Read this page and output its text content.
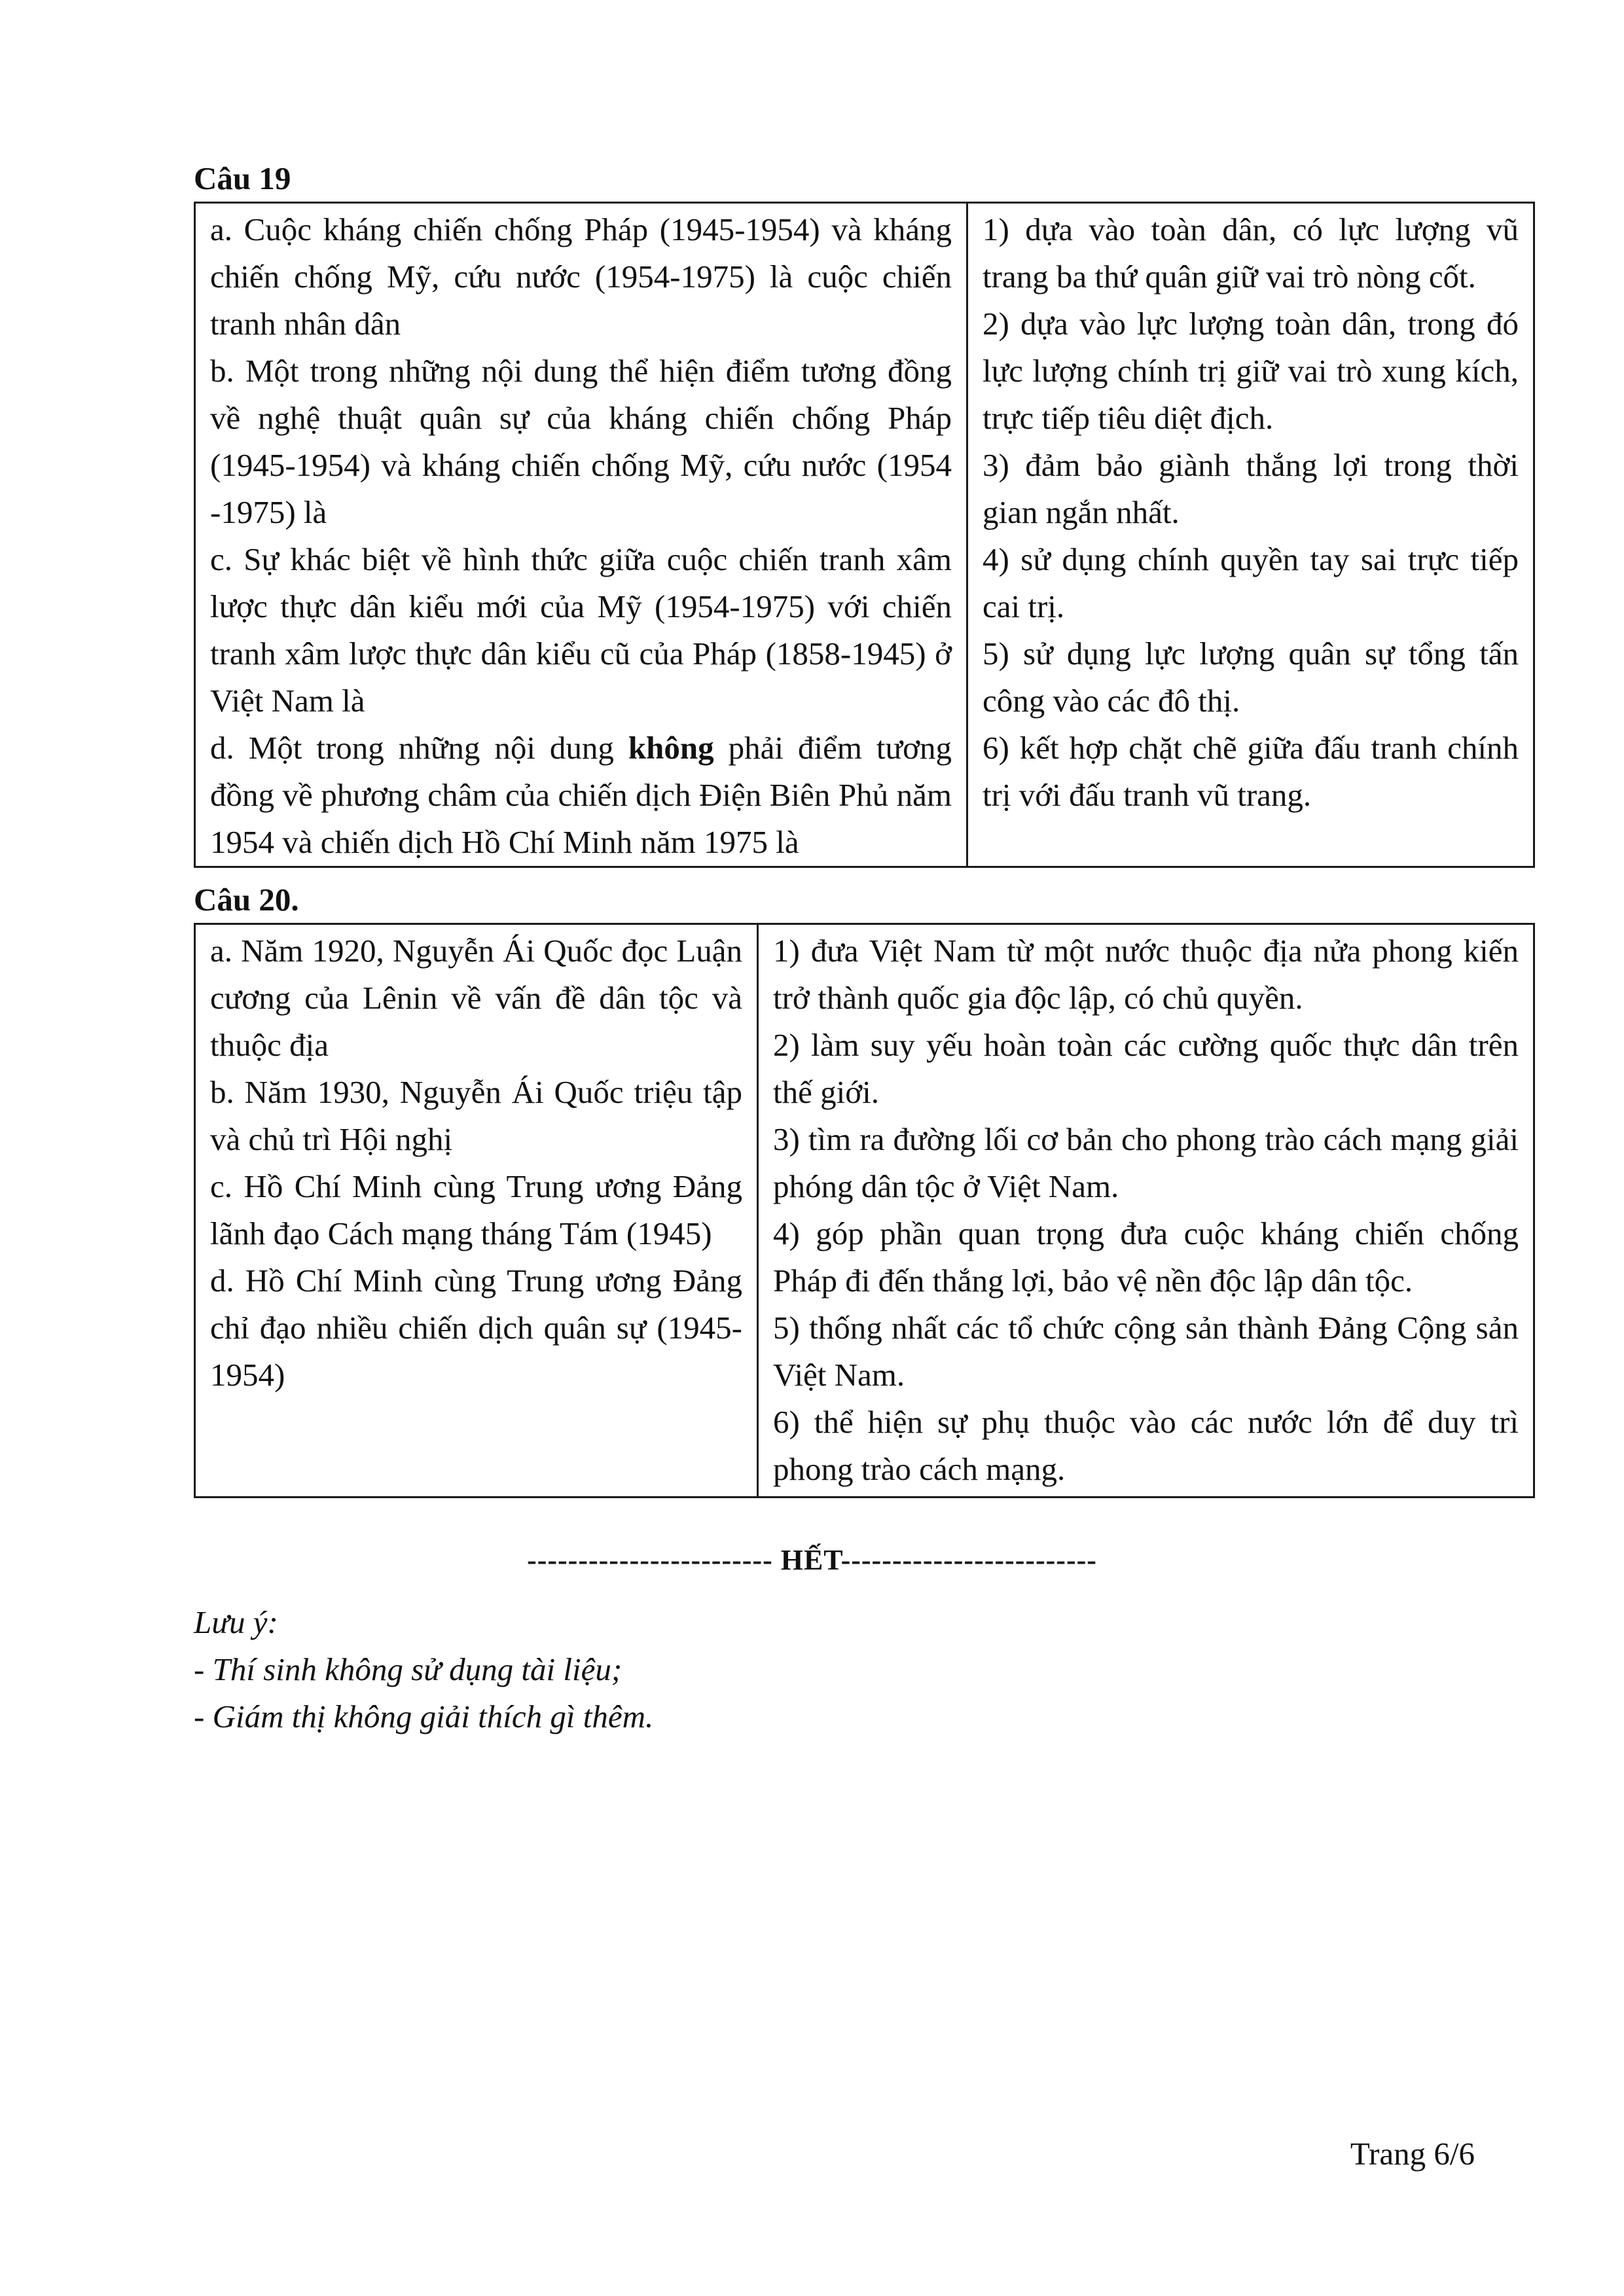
Câu 19
a. Cuộc kháng chiến chống Pháp (1945-1954) và kháng chiến chống Mỹ, cứu nước (1954-1975) là cuộc chiến tranh nhân dân
b. Một trong những nội dung thể hiện điểm tương đồng về nghệ thuật quân sự của kháng chiến chống Pháp (1945-1954) và kháng chiến chống Mỹ, cứu nước (1954 -1975) là
c. Sự khác biệt về hình thức giữa cuộc chiến tranh xâm lược thực dân kiểu mới của Mỹ (1954-1975) với chiến tranh xâm lược thực dân kiểu cũ của Pháp (1858-1945) ở Việt Nam là
d. Một trong những nội dung không phải điểm tương đồng về phương châm của chiến dịch Điện Biên Phủ năm 1954 và chiến dịch Hồ Chí Minh năm 1975 là

1) dựa vào toàn dân, có lực lượng vũ trang ba thứ quân giữ vai trò nòng cốt.
2) dựa vào lực lượng toàn dân, trong đó lực lượng chính trị giữ vai trò xung kích, trực tiếp tiêu diệt địch.
3) đảm bảo giành thắng lợi trong thời gian ngắn nhất.
4) sử dụng chính quyền tay sai trực tiếp cai trị.
5) sử dụng lực lượng quân sự tổng tấn công vào các đô thị.
6) kết hợp chặt chẽ giữa đấu tranh chính trị với đấu tranh vũ trang.
Câu 20.
a. Năm 1920, Nguyễn Ái Quốc đọc Luận cương của Lênin về vấn đề dân tộc và thuộc địa
b. Năm 1930, Nguyễn Ái Quốc triệu tập và chủ trì Hội nghị
c. Hồ Chí Minh cùng Trung ương Đảng lãnh đạo Cách mạng tháng Tám (1945)
d. Hồ Chí Minh cùng Trung ương Đảng chỉ đạo nhiều chiến dịch quân sự (1945-1954)

1) đưa Việt Nam từ một nước thuộc địa nửa phong kiến trở thành quốc gia độc lập, có chủ quyền.
2) làm suy yếu hoàn toàn các cường quốc thực dân trên thế giới.
3) tìm ra đường lối cơ bản cho phong trào cách mạng giải phóng dân tộc ở Việt Nam.
4) góp phần quan trọng đưa cuộc kháng chiến chống Pháp đi đến thắng lợi, bảo vệ nền độc lập dân tộc.
5) thống nhất các tổ chức cộng sản thành Đảng Cộng sản Việt Nam.
6) thể hiện sự phụ thuộc vào các nước lớn để duy trì phong trào cách mạng.
------------------------ HẾT-------------------------
Lưu ý:
- Thí sinh không sử dụng tài liệu;
- Giám thị không giải thích gì thêm.
Trang 6/6
